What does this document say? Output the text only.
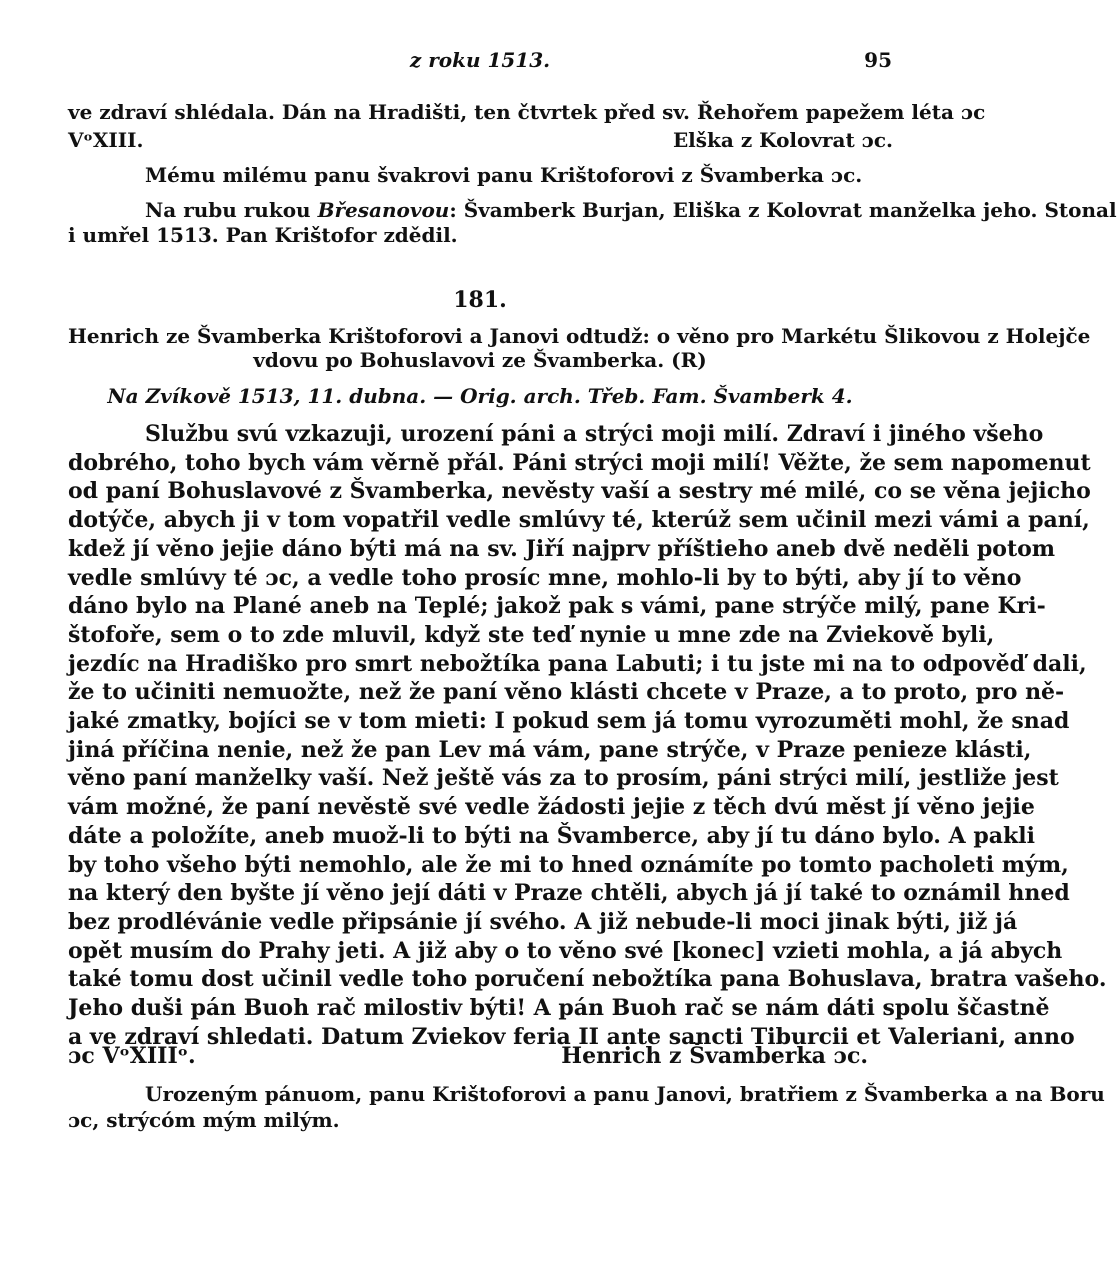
z roku 1513.	95
ve zdraví shlédala. Dán na Hradišti, ten čtvrtek před sv. Řehořem papežem léta ɔc
VᵒXIII.	Elška z Kolovrat ɔc.
Mému milému panu švakrovi panu Krištoforovi z Švamberka ɔc.
Na rubu rukou Břesanovou: Švamberk Burjan, Eliška z Kolovrat manželka jeho. Stonal
i umřel 1513. Pan Krištofor zdědil.
181.
Henrich ze Švamberka Krištoforovi a Janovi odtudž: o věno pro Markétu Šlikovou z Holejče
vdovu po Bohuslavovi ze Švamberka. (R)
Na Zvíkově 1513, 11. dubna. — Orig. arch. Třeb. Fam. Švamberk 4.
Službu svú vzkazuji, urození páni a strýci moji milí. Zdraví i jiného všeho
dobrého, toho bych vám věrně přál. Páni strýci moji milí! Věžte, že sem napomenut
od paní Bohuslavové z Švamberka, nevěsty vaší a sestry mé milé, co se věna jejicho
dotýče, abych ji v tom vopatřil vedle smlúvy té, kterúž sem učinil mezi vámi a paní,
kdež jí věno jejie dáno býti má na sv. Jiří najprv příštieho aneb dvě neděli potom
vedle smlúvy té ɔc, a vedle toho prosíc mne, mohlo-li by to býti, aby jí to věno
dáno bylo na Plané aneb na Teplé; jakož pak s vámi, pane strýče milý, pane Kri-
štofoře, sem o to zde mluvil, když ste teď nynie u mne zde na Zviekově byli,
jezdíc na Hradiško pro smrt nebožtíka pana Labuti; i tu jste mi na to odpověď dali,
že to učiniti nemuožte, než že paní věno klásti chcete v Praze, a to proto, pro ně-
jaké zmatky, bojíci se v tom mieti: I pokud sem já tomu vyrozuměti mohl, že snad
jiná příčina nenie, než že pan Lev má vám, pane strýče, v Praze penieze klásti,
věno paní manželky vaší. Než ještě vás za to prosím, páni strýci milí, jestliže jest
vám možné, že paní nevěstě své vedle žádosti jejie z těch dvú měst jí věno jejie
dáte a položíte, aneb muož-li to býti na Švamberce, aby jí tu dáno bylo. A pakli
by toho všeho býti nemohlo, ale že mi to hned oznámíte po tomto pacholeti mým,
na který den byšte jí věno její dáti v Praze chtěli, abych já jí také to oznámil hned
bez prodlévánie vedle připsánie jí svého. A již nebude-li moci jinak býti, již já
opět musím do Prahy jeti. A již aby o to věno své [konec] vzieti mohla, a já abych
také tomu dost učinil vedle toho poručení nebožtíka pana Bohuslava, bratra vašeho.
Jeho duši pán Buoh rač milostiv býti! A pán Buoh rač se nám dáti spolu ščastně
a ve zdraví shledati. Datum Zviekov feria II ante sancti Tiburcii et Valeriani, anno
ɔc VᵒXIIIᵒ.	Henrich z Švamberka ɔc.
Urozeným pánuom, panu Krištoforovi a panu Janovi, bratřiem z Švamberka a na Boru
ɔc, strýcóm mým milým.
